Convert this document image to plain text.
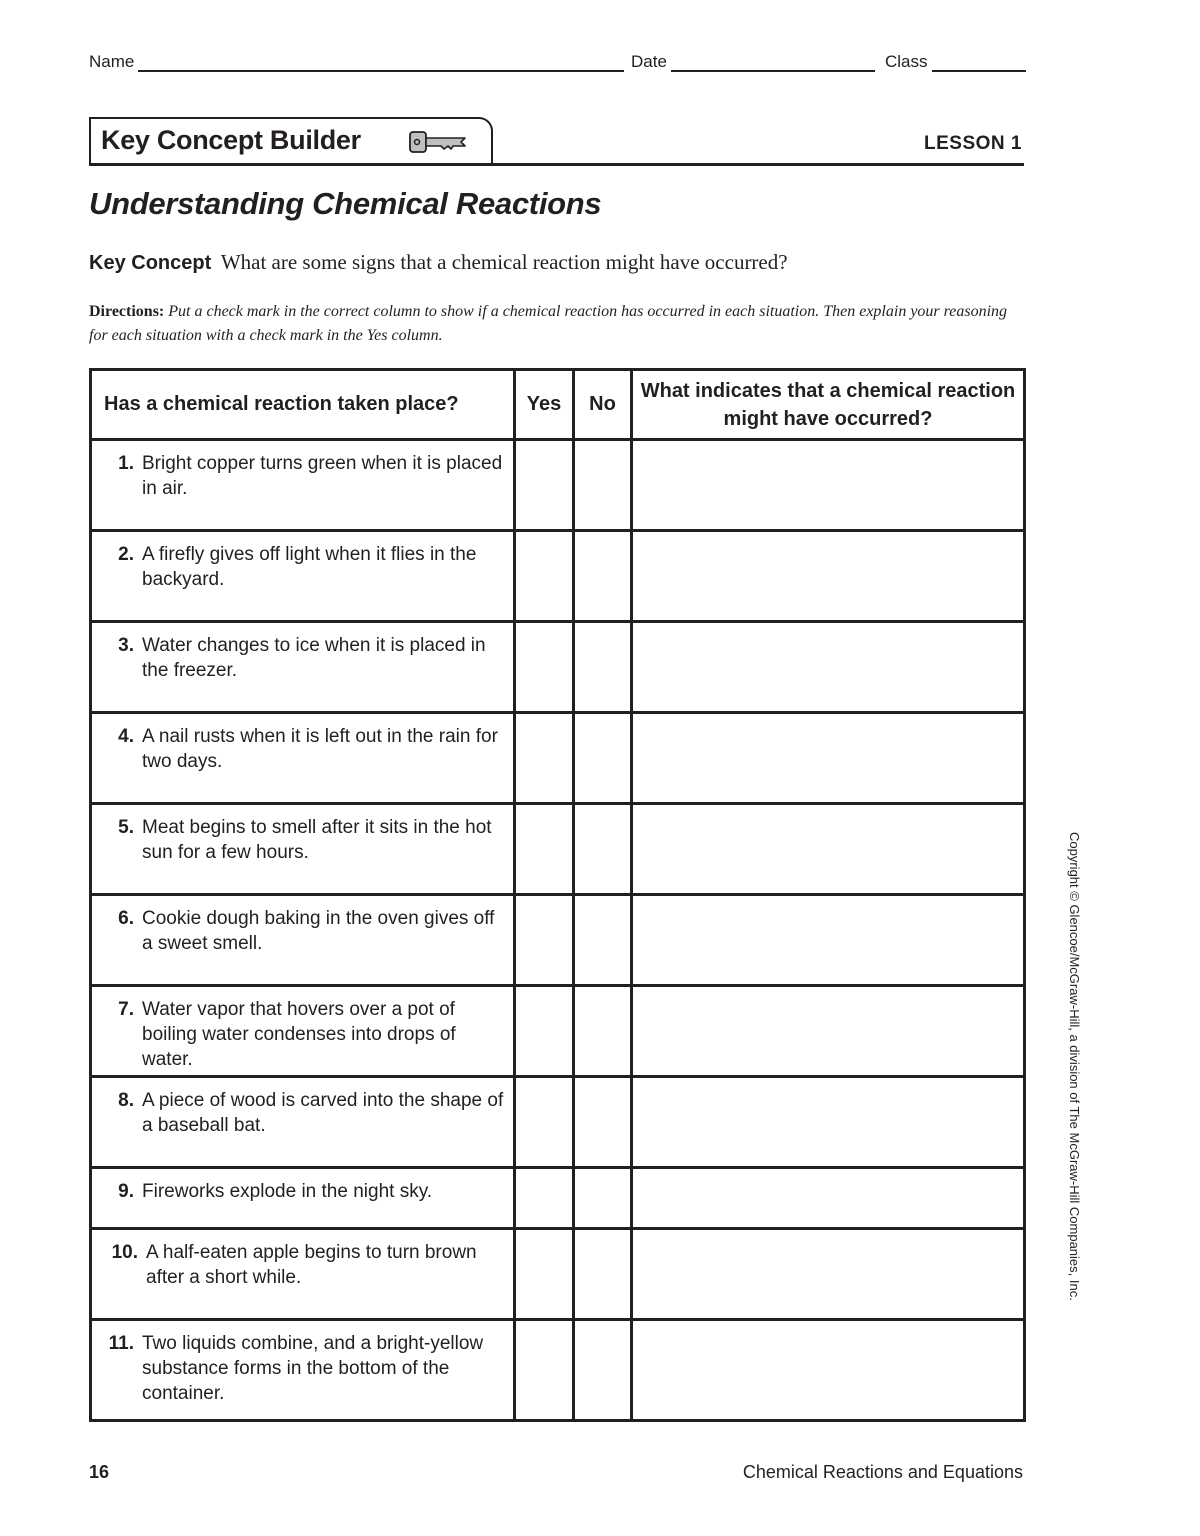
Name	Date	Class
Key Concept Builder	LESSON 1
Understanding Chemical Reactions
Key Concept What are some signs that a chemical reaction might have occurred?
Directions: Put a check mark in the correct column to show if a chemical reaction has occurred in each situation. Then explain your reasoning for each situation with a check mark in the Yes column.
Has a chemical reaction taken place?	Yes	No	What indicates that a chemical reaction might have occurred?

1. Bright copper turns green when it is placed in air.			

2. A firefly gives off light when it flies in the backyard.			

3. Water changes to ice when it is placed in the freezer.			

4. A nail rusts when it is left out in the rain for two days.			

5. Meat begins to smell after it sits in the hot sun for a few hours.			

6. Cookie dough baking in the oven gives off a sweet smell.			

7. Water vapor that hovers over a pot of boiling water condenses into drops of water.			

8. A piece of wood is carved into the shape of a baseball bat.			

9. Fireworks explode in the night sky.			

10. A half-eaten apple begins to turn brown after a short while.			

11. Two liquids combine, and a bright-yellow substance forms in the bottom of the container.			

16	Chemical Reactions and Equations
Copyright © Glencoe/McGraw-Hill, a division of The McGraw-Hill Companies, Inc.
